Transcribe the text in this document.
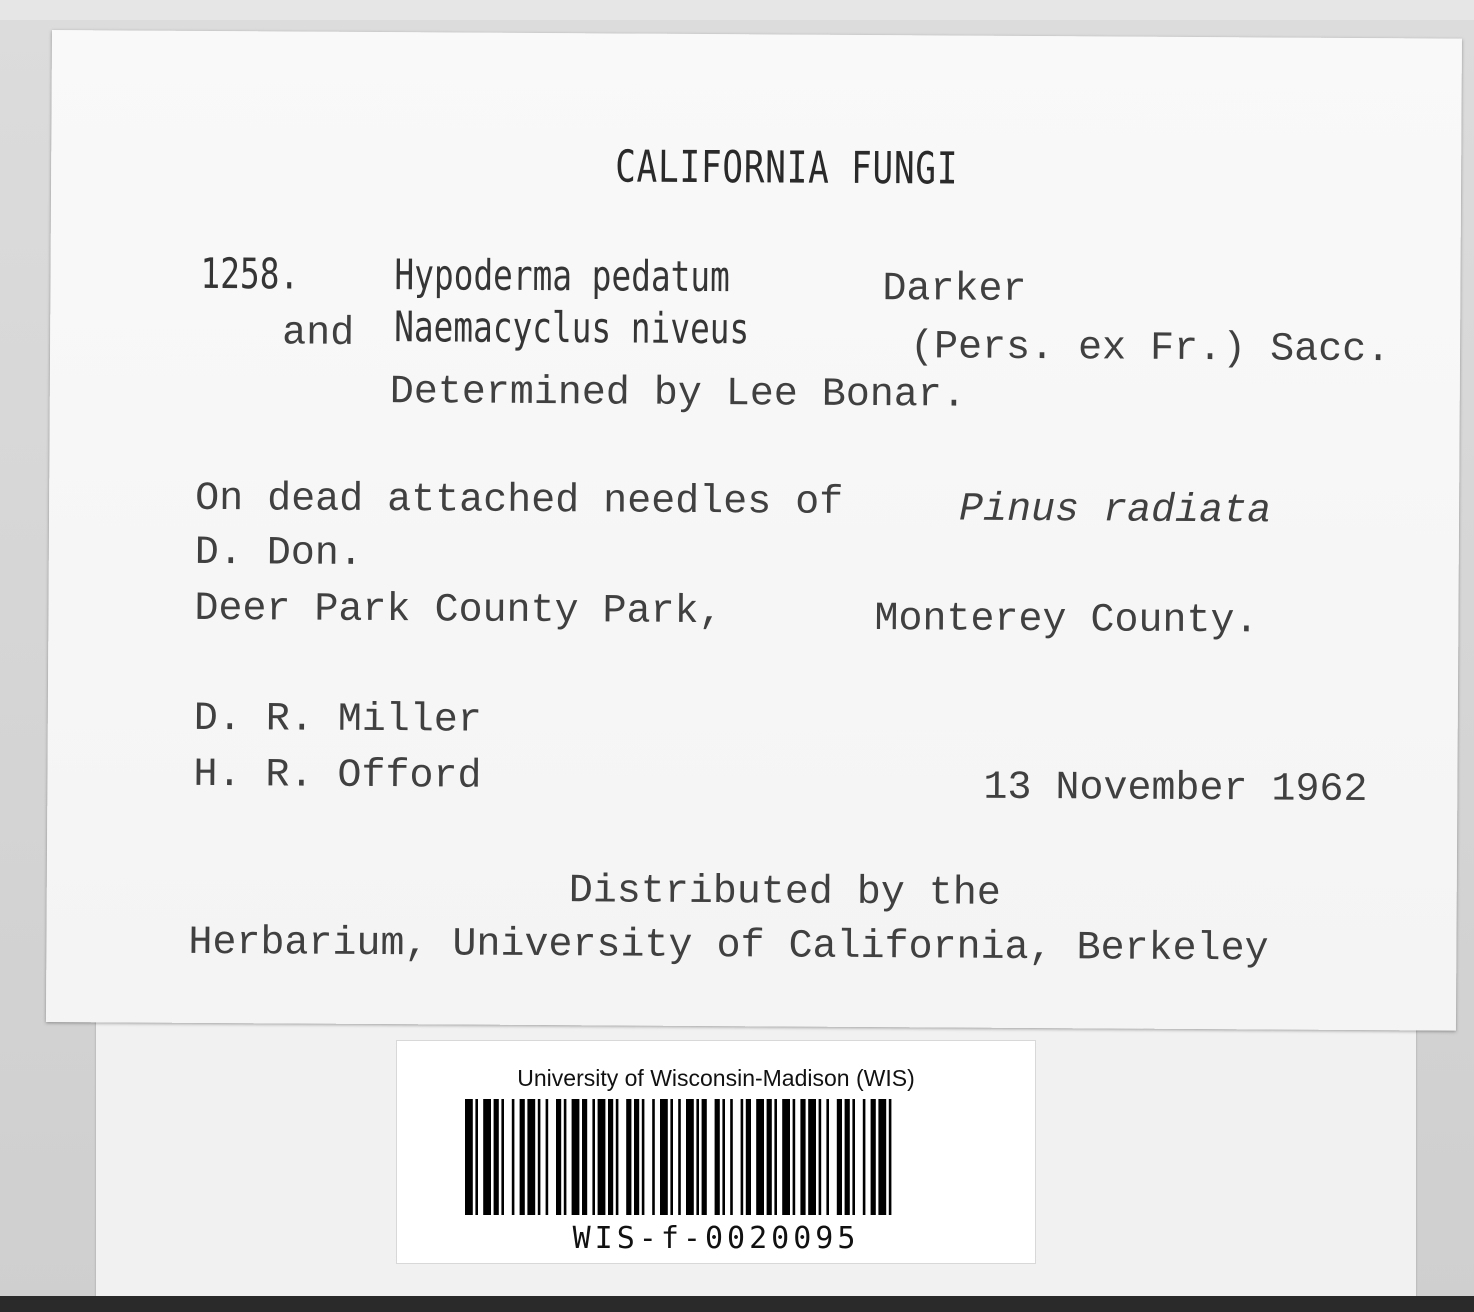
CALIFORNIA FUNGI
1258. Hypoderma pedatum	Darker
and Naemacyclus niveus	(Pers. ex Fr.) Sacc.
Determined by Lee Bonar.
On dead attached needles of	Pinus radiata
D. Don.
Deer Park County Park,	Monterey County.
D. R. Miller
H. R. Offord	13 November 1962
Distributed by the
Herbarium, University of California, Berkeley
University of Wisconsin-Madison (WIS)
WIS-f-0020095
